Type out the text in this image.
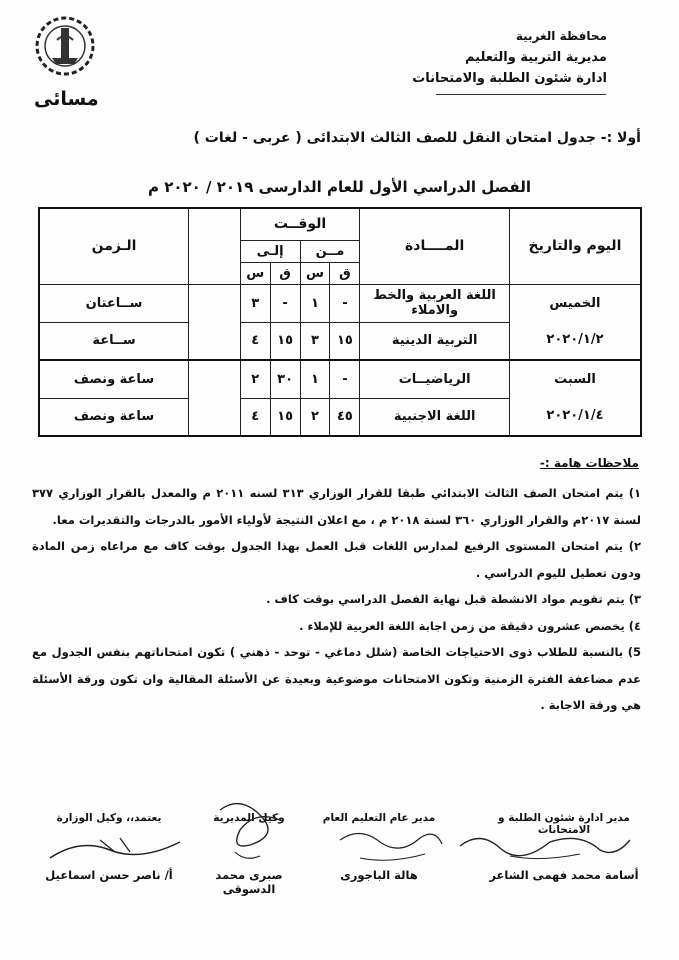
مسائى
محافظة الغربية
مديرية التربية والتعليم
ادارة شئون الطلبة والامتحانات
أولا :- جدول امتحان النقل للصف الثالث الابتدائى ( عربى - لغات )
الفصل الدراسي الأول للعام الدارسى ٢٠١٩ / ٢٠٢٠ م
اليوم والتاريخ	المــــادة	الوقــت					الـزمن
		مــن		إلـى			
		ق	س	ق	س		

الخميس
٢٠٢٠/١/٢	اللغة العربية والخط والاملاء	-	١	-	٣		ســاعتان
	التربية الدينية	١٥	٣	١٥	٤		ســاعة

السبت
٢٠٢٠/١/٤	الرياضيــات	-	١	٣٠	٢		ساعة ونصف
	اللغة الاجنبية	٤٥	٢	١٥	٤		ساعة ونصف
ملاحظات هامة :-

١) يتم امتحان الصف الثالث الابتدائي طبقا للقرار الوزاري ٣١٣ لسنه ٢٠١١ م والمعدل بالقرار الوزاري ٣٧٧ لسنة ٢٠١٧م والقرار الوزاري ٣٦٠ لسنة ٢٠١٨ م ، مع اعلان النتيجة لأولياء الأمور بالدرجات والتقديرات معا.

٢) يتم امتحان المستوى الرفيع لمدارس اللغات قبل العمل بهذا الجدول بوقت كاف مع مراعاه زمن المادة ودون تعطيل لليوم الدراسي .

٣) يتم تقويم مواد الانشطة قبل نهاية الفصل الدراسي بوقت كاف .

٤) يخصص عشرون دقيقة من زمن اجابة اللغة العربية للإملاء .

5) بالنسبة للطلاب ذوى الاحتياجات الخاصة (شلل دماغي - توحد - ذهني ) تكون امتحاناتهم بنفس الجدول مع عدم مضاعفة الفترة الزمنية وتكون الامتحانات موضوعية وبعيدة عن الأسئلة المقالية وان تكون ورقة الأسئلة هي ورقة الاجابة .

مدير ادارة شئون الطلبة و الامتحانات
مدير عام التعليم العام
وكيل المديرية
يعتمد،، وكيل الوزارة
أسامة محمد فهمى الشاعر
هالة الباجورى
صبرى محمد الدسوقى
أ/ ناصر حسن اسماعيل
